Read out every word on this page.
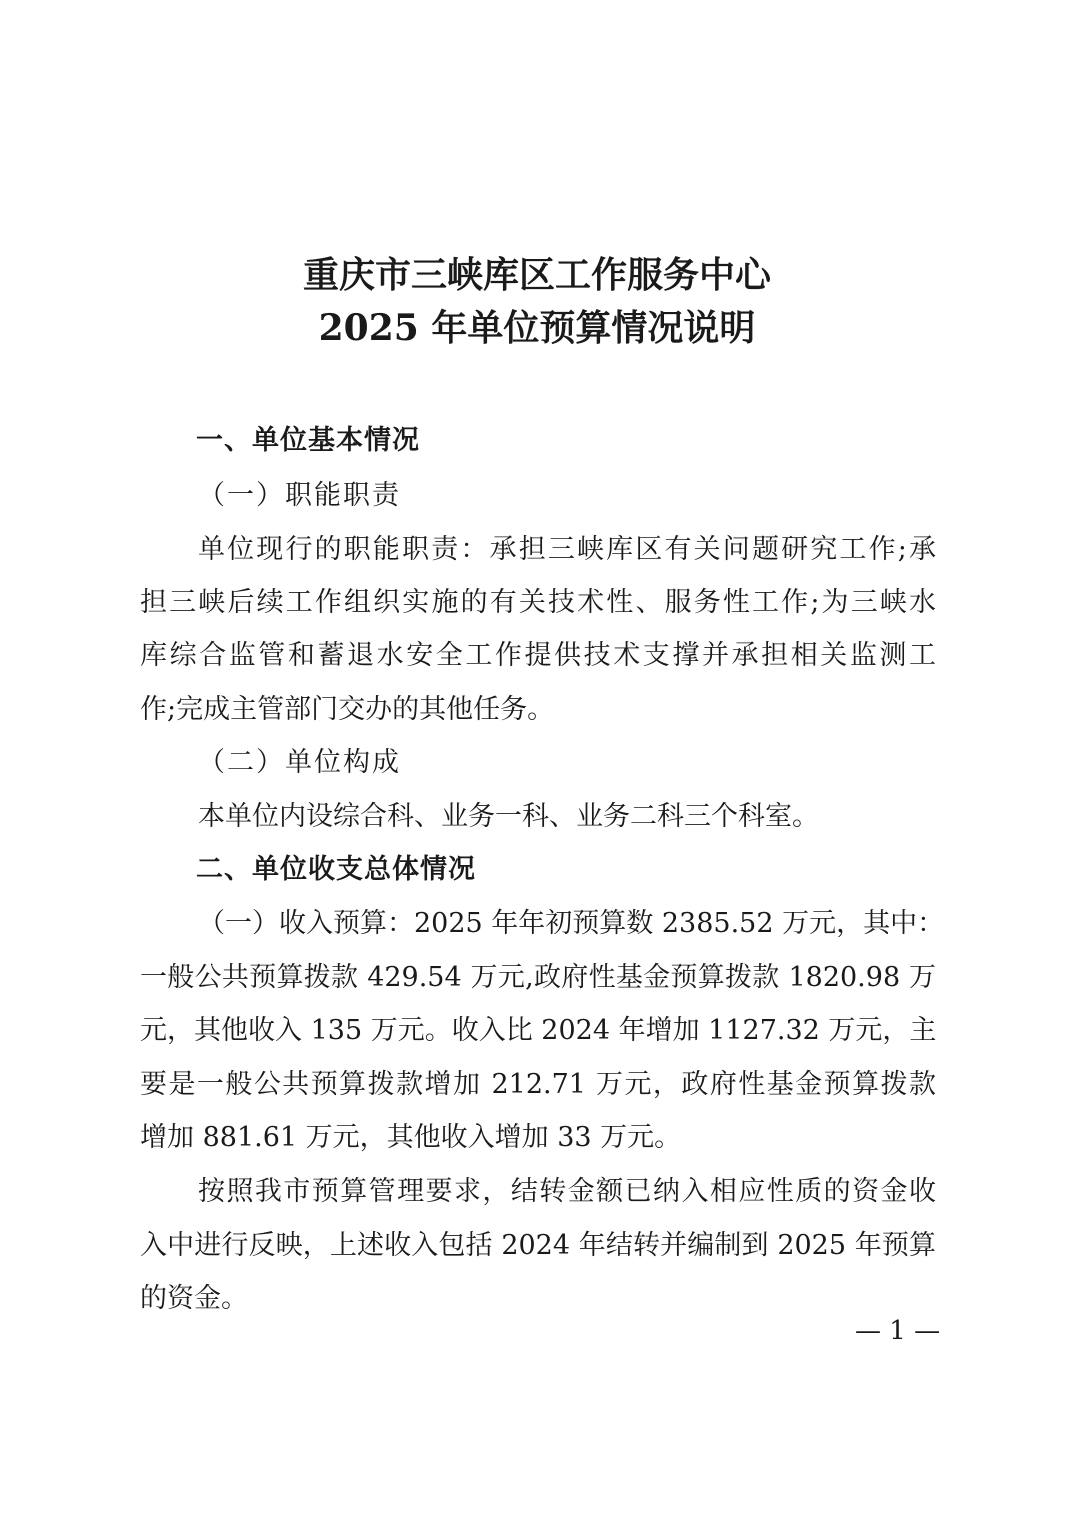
重庆市三峡库区工作服务中心
2025 年单位预算情况说明
一、单位基本情况
（一）职能职责
单位现行的职能职责：承担三峡库区有关问题研究工作;承
担三峡后续工作组织实施的有关技术性、服务性工作;为三峡水
库综合监管和蓄退水安全工作提供技术支撑并承担相关监测工
作;完成主管部门交办的其他任务。
（二）单位构成
本单位内设综合科、业务一科、业务二科三个科室。
二、单位收支总体情况
（一）收入预算：2025 年年初预算数 2385.52 万元，其中：
一般公共预算拨款 429.54 万元,政府性基金预算拨款 1820.98 万
元，其他收入 135 万元。收入比 2024 年增加 1127.32 万元，主
要是一般公共预算拨款增加 212.71 万元，政府性基金预算拨款
增加 881.61 万元，其他收入增加 33 万元。
按照我市预算管理要求，结转金额已纳入相应性质的资金收
入中进行反映，上述收入包括 2024 年结转并编制到 2025 年预算
的资金。
— 1 —
